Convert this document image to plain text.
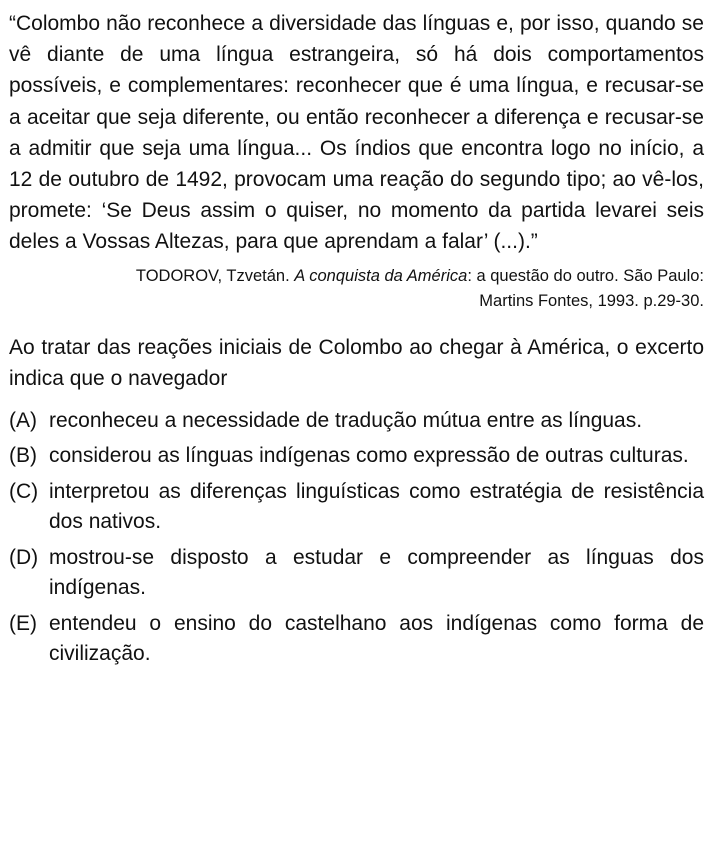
“Colombo não reconhece a diversidade das línguas e, por isso, quando se vê diante de uma língua estrangeira, só há dois comportamentos possíveis, e complementares: reconhecer que é uma língua, e recusar-se a aceitar que seja diferente, ou então reconhecer a diferença e recusar-se a admitir que seja uma língua... Os índios que encontra logo no início, a 12 de outubro de 1492, provocam uma reação do segundo tipo; ao vê-los, promete: ‘Se Deus assim o quiser, no momento da partida levarei seis deles a Vossas Altezas, para que aprendam a falar’ (...).”

TODOROV, Tzvetán. A conquista da América: a questão do outro. São Paulo:
Martins Fontes, 1993. p.29-30.

Ao tratar das reações iniciais de Colombo ao chegar à América, o excerto indica que o navegador

(A) reconheceu a necessidade de tradução mútua entre as línguas.
(B) considerou as línguas indígenas como expressão de outras culturas.
(C) interpretou as diferenças linguísticas como estratégia de resistência dos nativos.
(D) mostrou-se disposto a estudar e compreender as línguas dos indígenas.
(E) entendeu o ensino do castelhano aos indígenas como forma de civilização.
